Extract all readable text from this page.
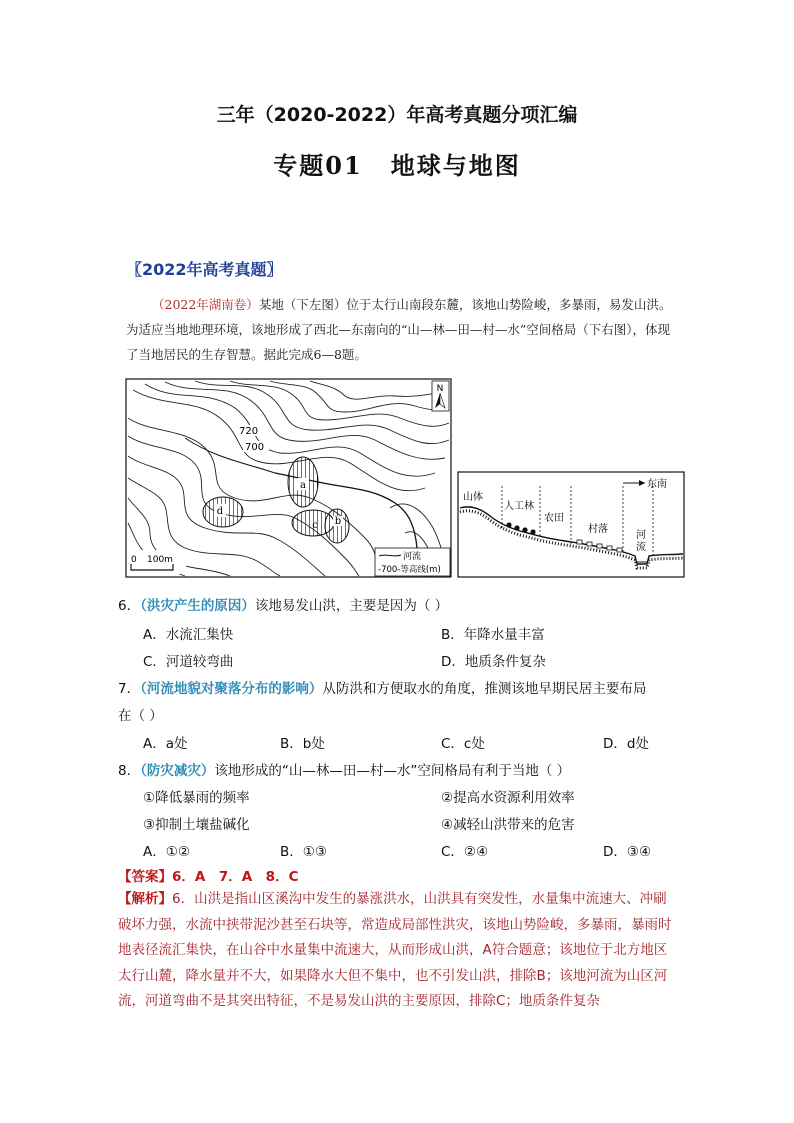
三年（2020-2022）年高考真题分项汇编
专题01 地球与地图
〖2022年高考真题〗
（2022年湖南卷）某地（下左图）位于太行山南段东麓，该地山势险峻，多暴雨，易发山洪。为适应当地地理环境，该地形成了西北—东南向的“山—林—田—村—水”空间格局（下右图），体现了当地居民的生存智慧。据此完成6—8题。
a
b
c
d
720
700
N
0 100m	河流
-700-等高线(m)
东南
山体
人工林
农田
村落
河
流
6．（洪灾产生的原因）该地易发山洪，主要是因为（ ）
A．水流汇集快	B．年降水量丰富
C．河道较弯曲	D．地质条件复杂
7．（河流地貌对聚落分布的影响）从防洪和方便取水的角度，推测该地早期民居主要布局
在（ ）
A．a处	B．b处	C．c处	D．d处
8．（防灾减灾）该地形成的“山—林—田—村—水”空间格局有利于当地（ ）
①降低暴雨的频率	②提高水资源利用效率
③抑制土壤盐碱化	④减轻山洪带来的危害
A．①②	B．①③	C．②④	D．③④
【答案】6．A　7．A　8．C
【解析】6．山洪是指山区溪沟中发生的暴涨洪水，山洪具有突发性，水量集中流速大、冲刷破坏力强，水流中挟带泥沙甚至石块等，常造成局部性洪灾，该地山势险峻，多暴雨，暴雨时地表径流汇集快，在山谷中水量集中流速大，从而形成山洪，A符合题意；该地位于北方地区太行山麓，降水量并不大，如果降水大但不集中，也不引发山洪，排除B；该地河流为山区河流，河道弯曲不是其突出特征，不是易发山洪的主要原因，排除C；地质条件复杂
